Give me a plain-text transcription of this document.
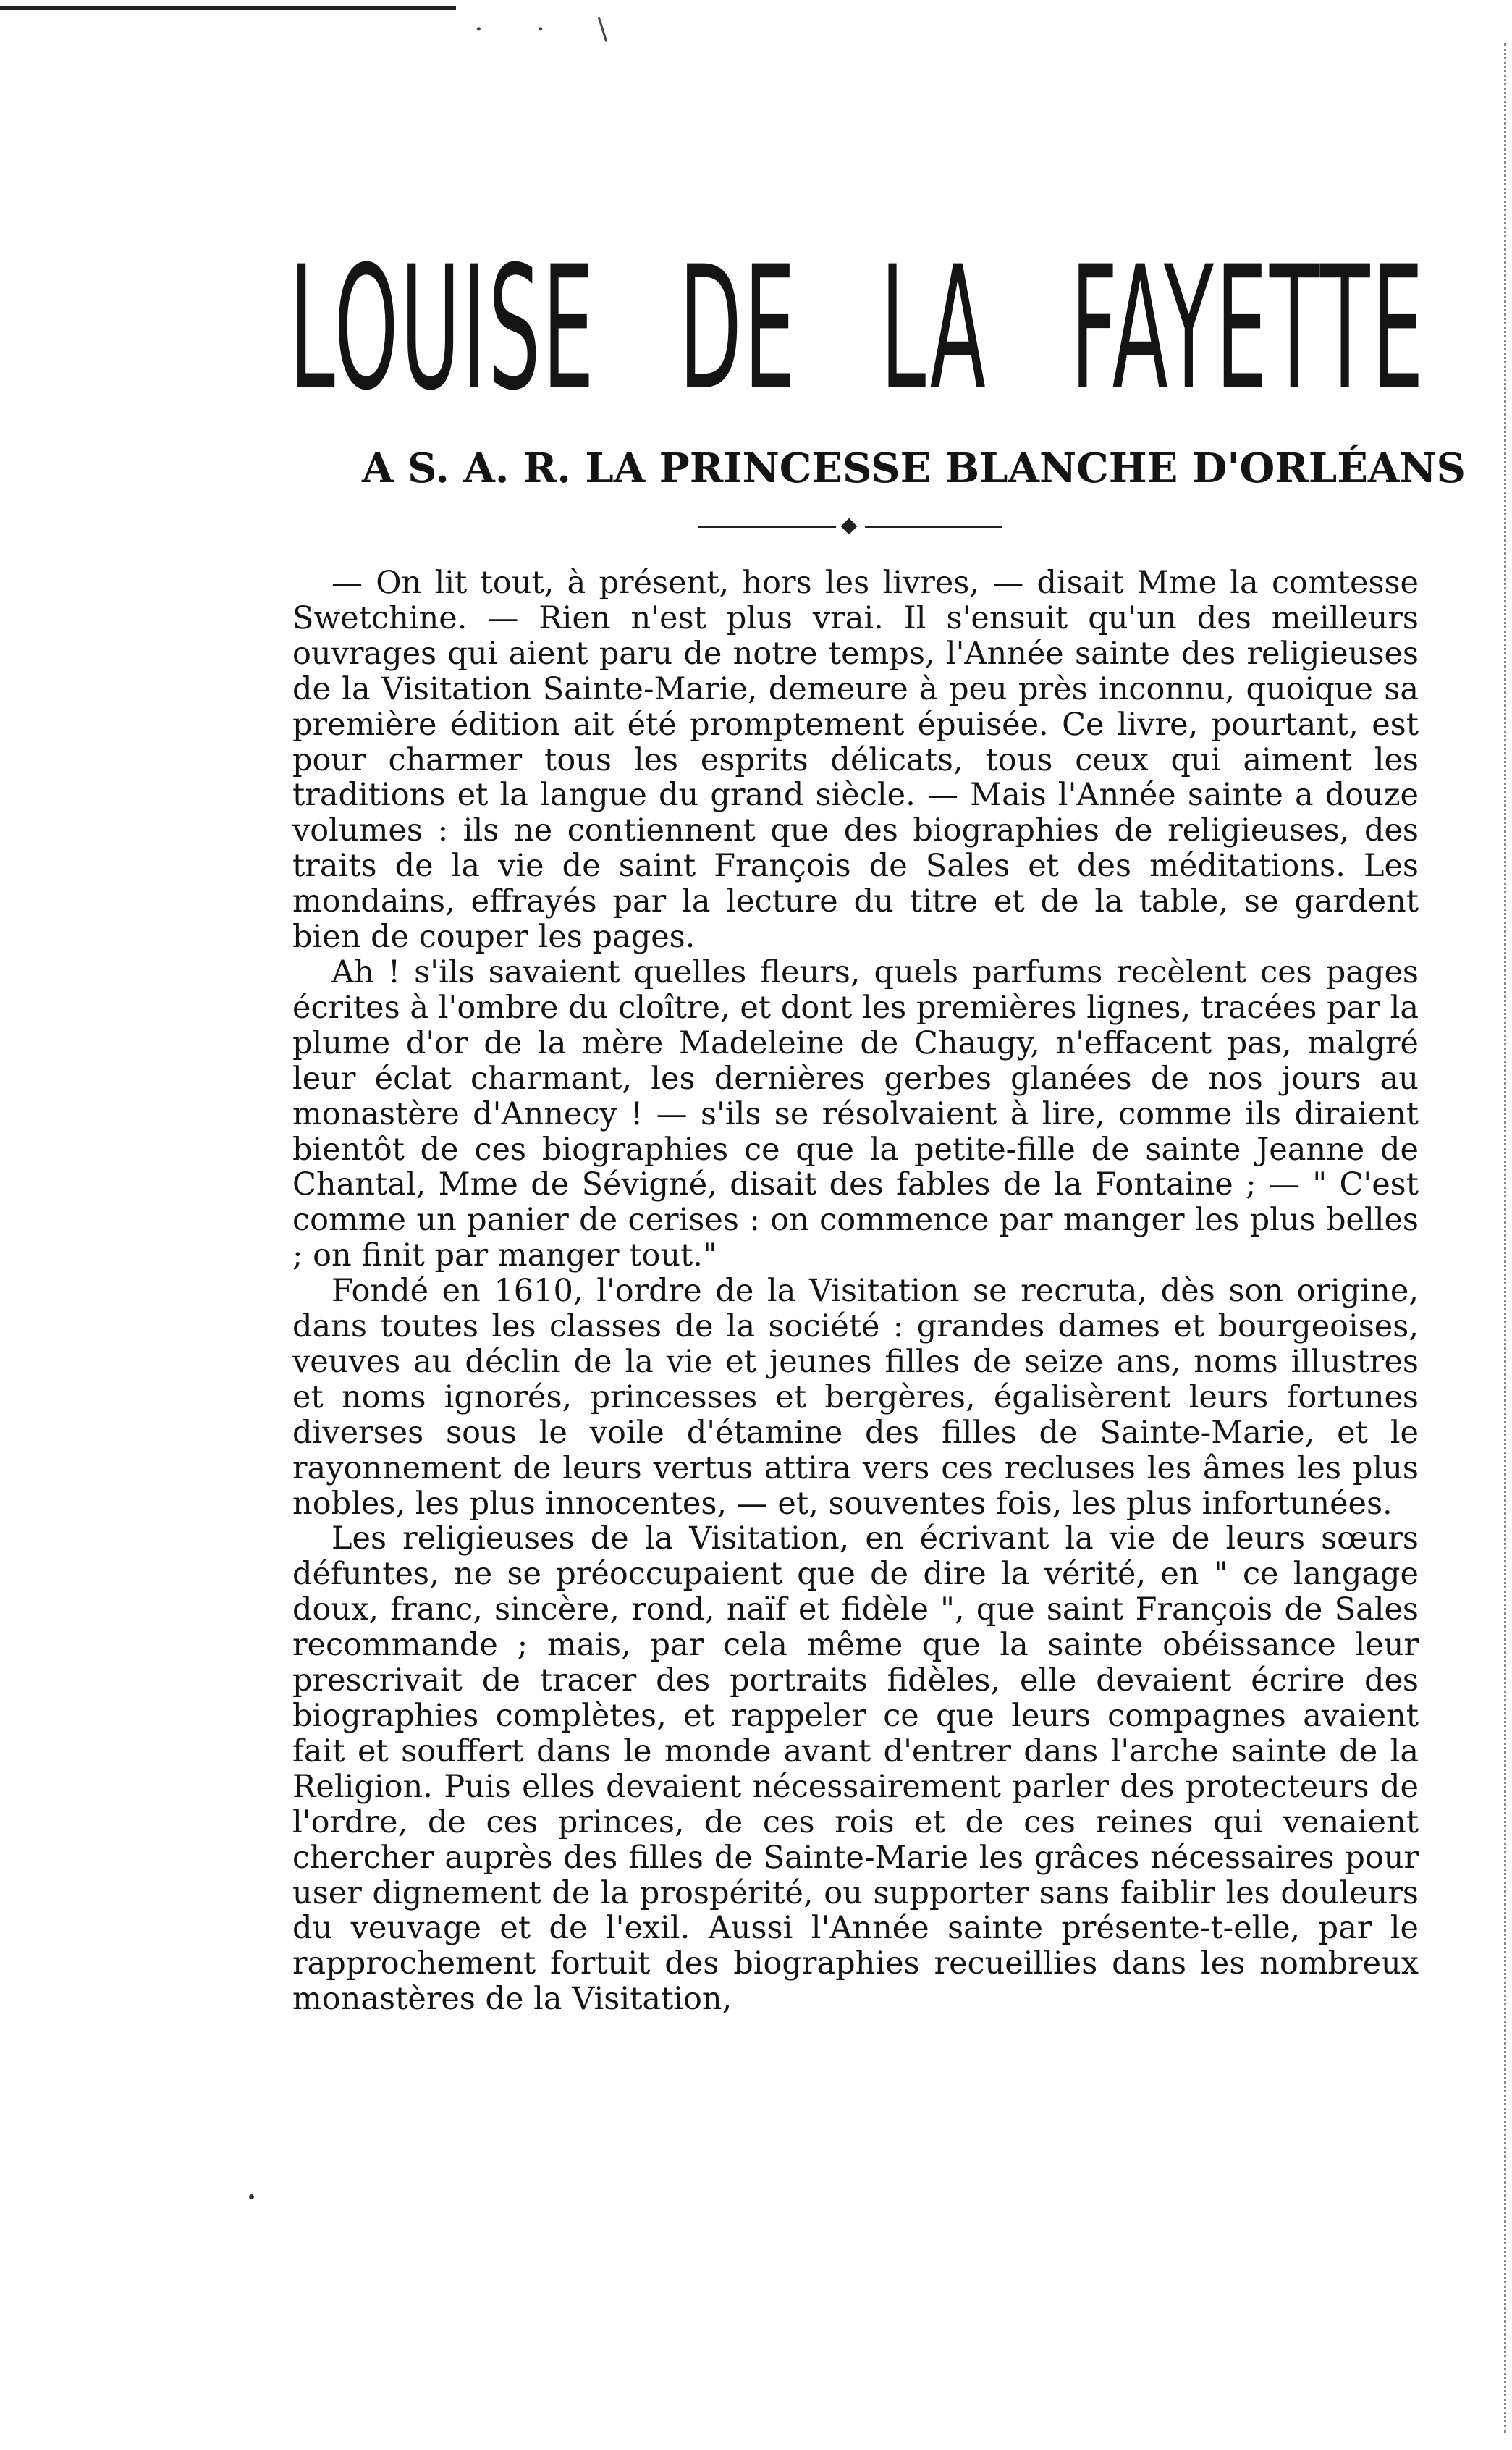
· · \
LOUISE DE LA FAYETTE
A S. A. R. LA PRINCESSE BLANCHE D'ORLÉANS

— On lit tout, à présent, hors les livres, — disait Mme la comtesse Swetchine. — Rien n'est plus vrai. Il s'ensuit qu'un des meilleurs ouvrages qui aient paru de notre temps, l'Année sainte des religieuses de la Visitation Sainte-Marie, demeure à peu près inconnu, quoique sa première édition ait été promptement épuisée. Ce livre, pourtant, est pour charmer tous les esprits délicats, tous ceux qui aiment les traditions et la langue du grand siècle. — Mais l'Année sainte a douze volumes : ils ne contiennent que des biographies de religieuses, des traits de la vie de saint François de Sales et des méditations. Les mondains, effrayés par la lecture du titre et de la table, se gardent bien de couper les pages.

Ah ! s'ils savaient quelles fleurs, quels parfums recèlent ces pages écrites à l'ombre du cloître, et dont les premières lignes, tracées par la plume d'or de la mère Madeleine de Chaugy, n'effacent pas, malgré leur éclat charmant, les dernières gerbes glanées de nos jours au monastère d'Annecy ! — s'ils se résolvaient à lire, comme ils diraient bientôt de ces biographies ce que la petite-fille de sainte Jeanne de Chantal, Mme de Sévigné, disait des fables de la Fontaine ; — " C'est comme un panier de cerises : on commence par manger les plus belles ; on finit par manger tout."

Fondé en 1610, l'ordre de la Visitation se recruta, dès son origine, dans toutes les classes de la société : grandes dames et bourgeoises, veuves au déclin de la vie et jeunes filles de seize ans, noms illustres et noms ignorés, princesses et bergères, égalisèrent leurs fortunes diverses sous le voile d'étamine des filles de Sainte-Marie, et le rayonnement de leurs vertus attira vers ces recluses les âmes les plus nobles, les plus innocentes, — et, souventes fois, les plus infortunées.

Les religieuses de la Visitation, en écrivant la vie de leurs sœurs défuntes, ne se préoccupaient que de dire la vérité, en " ce langage doux, franc, sincère, rond, naïf et fidèle ", que saint François de Sales recommande ; mais, par cela même que la sainte obéissance leur prescrivait de tracer des portraits fidèles, elle devaient écrire des biographies complètes, et rappeler ce que leurs compagnes avaient fait et souffert dans le monde avant d'entrer dans l'arche sainte de la Religion. Puis elles devaient nécessairement parler des protecteurs de l'ordre, de ces princes, de ces rois et de ces reines qui venaient chercher auprès des filles de Sainte-Marie les grâces nécessaires pour user dignement de la prospérité, ou supporter sans faiblir les douleurs du veuvage et de l'exil. Aussi l'Année sainte présente-t-elle, par le rapprochement fortuit des biographies recueillies dans les nombreux monastères de la Visitation,
